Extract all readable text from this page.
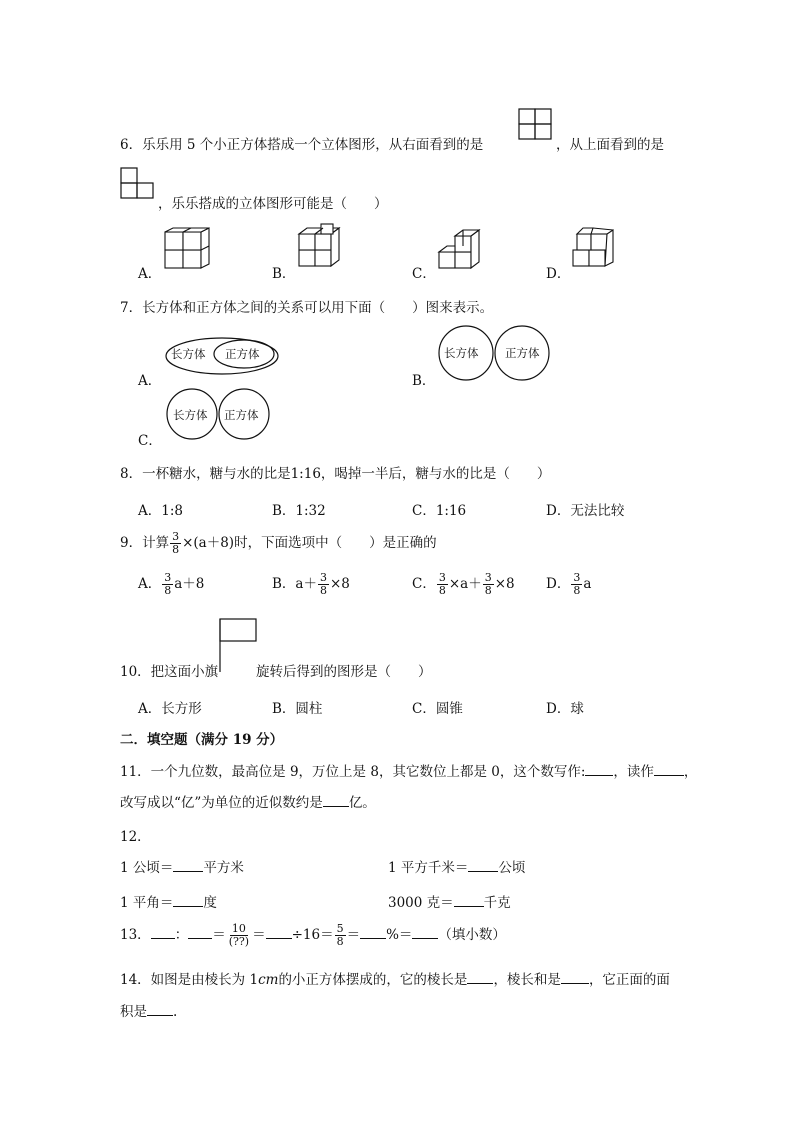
6．乐乐用 5 个小正方体搭成一个立体图形，从右面看到的是	，从上面看到的是
，乐乐搭成的立体图形可能是（　　）
A．	B．	C．	D．
7．长方体和正方体之间的关系可以用下面（　　）图来表示。
A．
长方体 正方体
B．
长方体 正方体
C．
长方体 正方体
8．一杯糖水，糖与水的比是1:16，喝掉一半后，糖与水的比是（　　）
A．1:8	B．1:32	C．1:16	D．无法比较
9．计算 $\frac{3}{8} \times(a+8)$时，下面选项中（　　）是正确的
A． $\frac{3}{8} a+8$	B．$a+ \frac{3}{8} \times 8$	C． $\frac{3}{8} \times a+ \frac{3}{8} \times 8$ D． $\frac{3}{8}$ a
10．把这面小旗	旋转后得到的图形是（　　）
A．长方形	B．圆柱	C．圆锥	D．球
二．填空题（满分 19 分）
11．一个九位数，最高位是 9，万位上是 8，其它数位上都是 0，这个数写作: ，读作 ，
改写成以“亿”为单位的近似数约是 亿。
12．
1 公顷＝ 平方米	1 平方千米＝ 公顷
1 平角＝ 度	3000 克＝ 千克
13． ： ＝ $\frac{10}{(??)} = \div 16= \frac{5}{8}$ ＝ %＝ （填小数）
14．如图是由棱长为 1cm的小正方体摆成的，它的棱长是 ，棱长和是 ，它正面的面
积是 .
